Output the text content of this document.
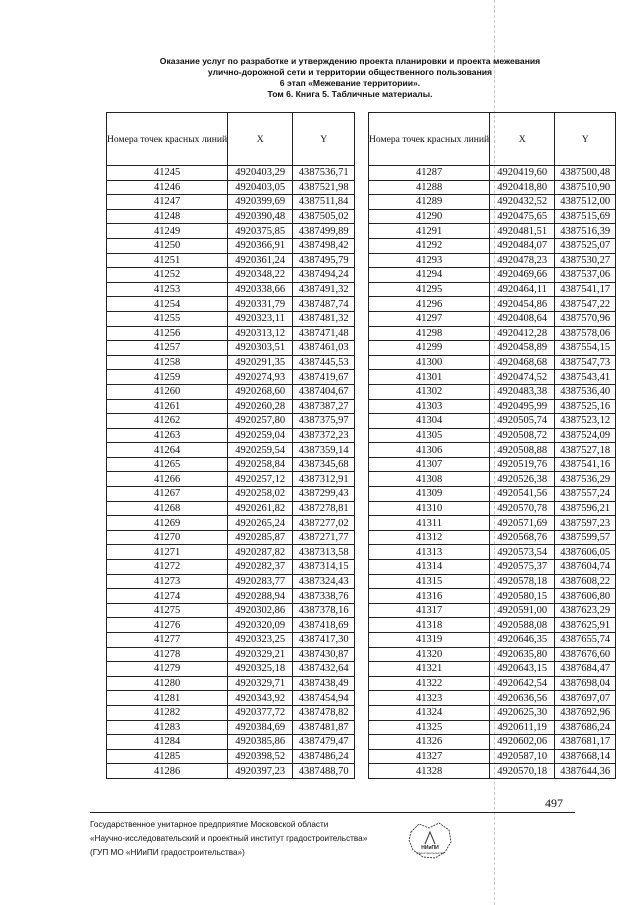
Оказание услуг по разработке и утверждению проекта планировки и проекта межевания
улично-дорожной сети и территории общественного пользования
6 этап «Межевание территории».
Том 6. Книга 5. Табличные материалы.
Номера точек красных линий	X	Y
41245	4920403,29	4387536,71
41246	4920403,05	4387521,98
41247	4920399,69	4387511,84
41248	4920390,48	4387505,02
41249	4920375,85	4387499,89
41250	4920366,91	4387498,42
41251	4920361,24	4387495,79
41252	4920348,22	4387494,24
41253	4920338,66	4387491,32
41254	4920331,79	4387487,74
41255	4920323,11	4387481,32
41256	4920313,12	4387471,48
41257	4920303,51	4387461,03
41258	4920291,35	4387445,53
41259	4920274,93	4387419,67
41260	4920268,60	4387404,67
41261	4920260,28	4387387,27
41262	4920257,80	4387375,97
41263	4920259,04	4387372,23
41264	4920259,54	4387359,14
41265	4920258,84	4387345,68
41266	4920257,12	4387312,91
41267	4920258,02	4387299,43
41268	4920261,82	4387278,81
41269	4920265,24	4387277,02
41270	4920285,87	4387271,77
41271	4920287,82	4387313,58
41272	4920282,37	4387314,15
41273	4920283,77	4387324,43
41274	4920288,94	4387338,76
41275	4920302,86	4387378,16
41276	4920320,09	4387418,69
41277	4920323,25	4387417,30
41278	4920329,21	4387430,87
41279	4920325,18	4387432,64
41280	4920329,71	4387438,49
41281	4920343,92	4387454,94
41282	4920377,72	4387478,82
41283	4920384,69	4387481,87
41284	4920385,86	4387479,47
41285	4920398,52	4387486,24
41286	4920397,23	4387488,70
Номера точек красных линий	X	Y
41287	4920419,60	4387500,48
41288	4920418,80	4387510,90
41289	4920432,52	4387512,00
41290	4920475,65	4387515,69
41291	4920481,51	4387516,39
41292	4920484,07	4387525,07
41293	4920478,23	4387530,27
41294	4920469,66	4387537,06
41295	4920464,11	4387541,17
41296	4920454,86	4387547,22
41297	4920408,64	4387570,96
41298	4920412,28	4387578,06
41299	4920458,89	4387554,15
41300	4920468,68	4387547,73
41301	4920474,52	4387543,41
41302	4920483,38	4387536,40
41303	4920495,99	4387525,16
41304	4920505,74	4387523,12
41305	4920508,72	4387524,09
41306	4920508,88	4387527,18
41307	4920519,76	4387541,16
41308	4920526,38	4387536,29
41309	4920541,56	4387557,24
41310	4920570,78	4387596,21
41311	4920571,69	4387597,23
41312	4920568,76	4387599,57
41313	4920573,54	4387606,05
41314	4920575,37	4387604,74
41315	4920578,18	4387608,22
41316	4920580,15	4387606,80
41317	4920591,00	4387623,29
41318	4920588,08	4387625,91
41319	4920646,35	4387655,74
41320	4920635,80	4387676,60
41321	4920643,15	4387684,47
41322	4920642,54	4387698,04
41323	4920636,56	4387697,07
41324	4920625,30	4387692,96
41325	4920611,19	4387686,24
41326	4920602,06	4387681,17
41327	4920587,10	4387668,14
41328	4920570,18	4387644,36
497
Государственное унитарное предприятие Московской области
«Научно-исследовательский и проектный институт градостроительства»
(ГУП МО «НИиПИ градостроительства»)	НИиПИ
градостроительства
